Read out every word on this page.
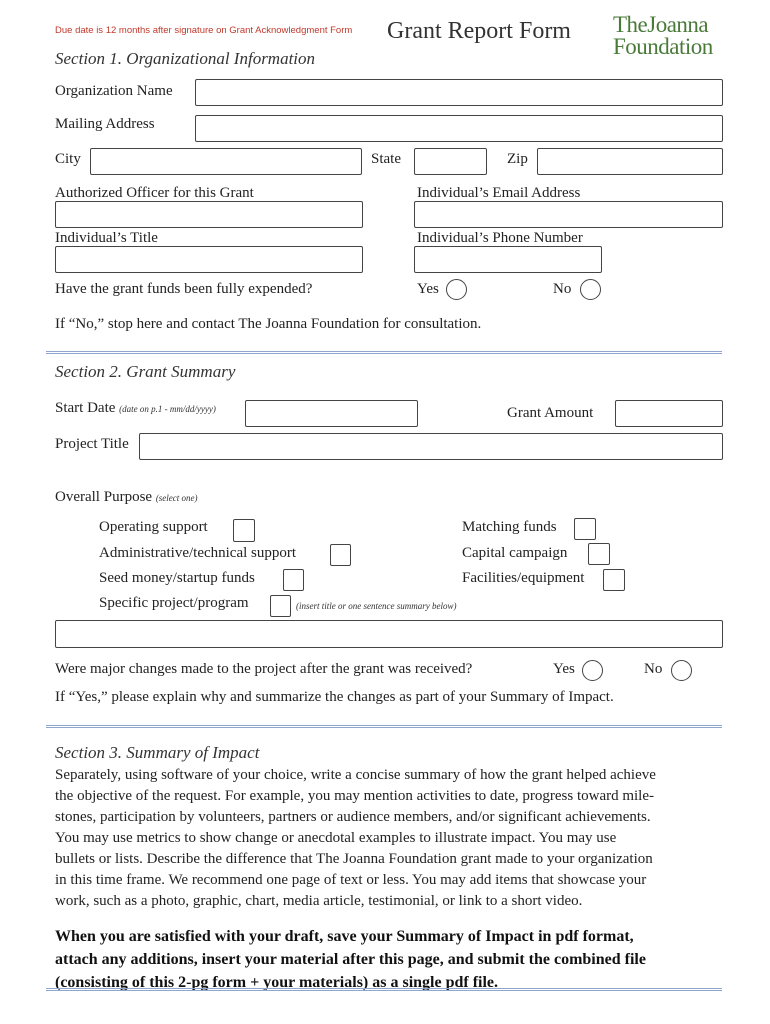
Due date is 12 months after signature on Grant Acknowledgment Form Grant Report Form TheJoanna
Foundation
Section 1. Organizational Information
Organization Name
Mailing Address
City	State	Zip
Authorized Officer for this Grant	Individual’s Email Address
Individual’s Title	Individual’s Phone Number
Have the grant funds been fully expended?	Yes	No
If “No,” stop here and contact The Joanna Foundation for consultation.
Section 2. Grant Summary
Start Date (date on p.1 - mm/dd/yyyy)	Grant Amount
Project Title
Overall Purpose (select one)
Operating support
Administrative/technical support
Seed money/startup funds
Specific project/program	(insert title or one sentence summary below)
Matching funds
Capital campaign
Facilities/equipment
Were major changes made to the project after the grant was received?	Yes	No
If “Yes,” please explain why and summarize the changes as part of your Summary of Impact.
Section 3. Summary of Impact
Separately, using software of your choice, write a concise summary of how the grant helped achieve
the objective of the request. For example, you may mention activities to date, progress toward mile-
stones, participation by volunteers, partners or audience members, and/or significant achievements.
You may use metrics to show change or anecdotal examples to illustrate impact. You may use
bullets or lists. Describe the difference that The Joanna Foundation grant made to your organization
in this time frame. We recommend one page of text or less. You may add items that showcase your
work, such as a photo, graphic, chart, media article, testimonial, or link to a short video.
When you are satisfied with your draft, save your Summary of Impact in pdf format,
attach any additions, insert your material after this page, and submit the combined file
(consisting of this 2-pg form + your materials) as a single pdf file.
